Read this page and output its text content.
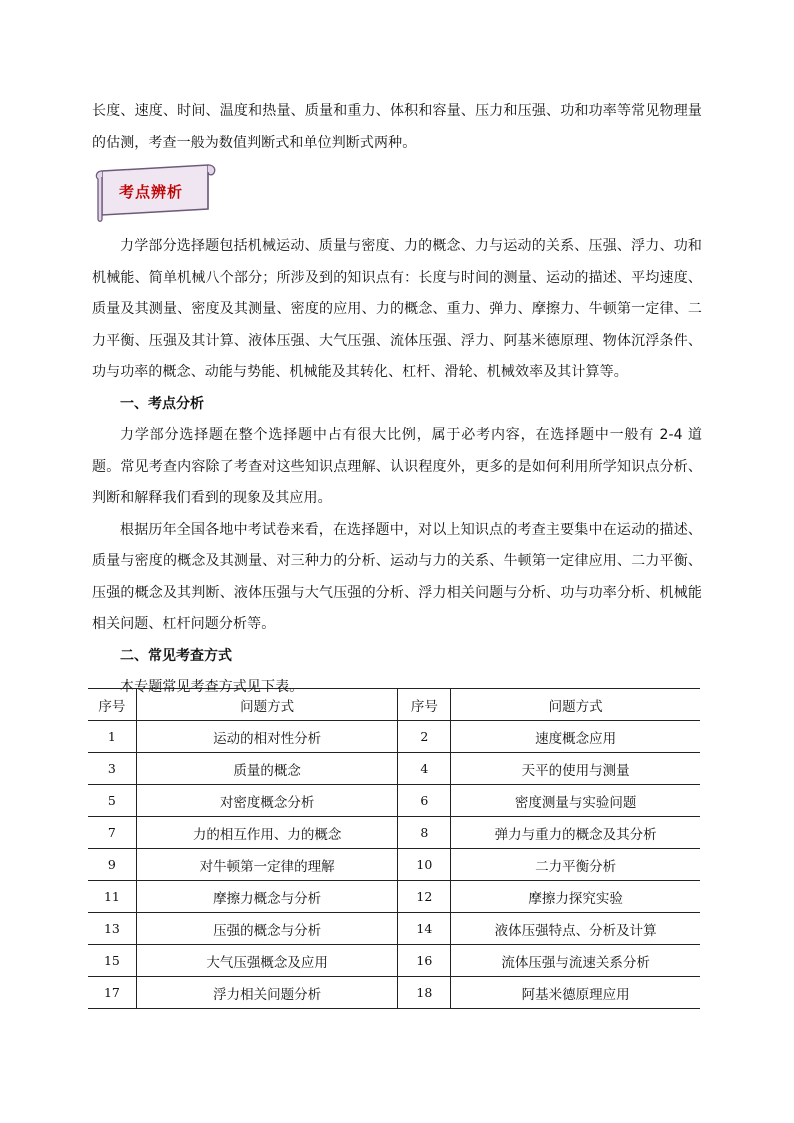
长度、速度、时间、温度和热量、质量和重力、体积和容量、压力和压强、功和功率等常见物理量的估测，考查一般为数值判断式和单位判断式两种。

考点辨析

力学部分选择题包括机械运动、质量与密度、力的概念、力与运动的关系、压强、浮力、功和机械能、简单机械八个部分；所涉及到的知识点有：长度与时间的测量、运动的描述、平均速度、质量及其测量、密度及其测量、密度的应用、力的概念、重力、弹力、摩擦力、牛顿第一定律、二力平衡、压强及其计算、液体压强、大气压强、流体压强、浮力、阿基米德原理、物体沉浮条件、功与功率的概念、动能与势能、机械能及其转化、杠杆、滑轮、机械效率及其计算等。

一、考点分析

力学部分选择题在整个选择题中占有很大比例，属于必考内容，在选择题中一般有 2-4 道题。常见考查内容除了考查对这些知识点理解、认识程度外，更多的是如何利用所学知识点分析、判断和解释我们看到的现象及其应用。

根据历年全国各地中考试卷来看，在选择题中，对以上知识点的考查主要集中在运动的描述、质量与密度的概念及其测量、对三种力的分析、运动与力的关系、牛顿第一定律应用、二力平衡、压强的概念及其判断、液体压强与大气压强的分析、浮力相关问题与分析、功与功率分析、机械能相关问题、杠杆问题分析等。

二、常见考查方式

本专题常见考查方式见下表。

序号	问题方式	序号	问题方式
1	运动的相对性分析	2	速度概念应用
3	质量的概念	4	天平的使用与测量
5	对密度概念分析	6	密度测量与实验问题
7	力的相互作用、力的概念	8	弹力与重力的概念及其分析
9	对牛顿第一定律的理解	10	二力平衡分析
11	摩擦力概念与分析	12	摩擦力探究实验
13	压强的概念与分析	14	液体压强特点、分析及计算
15	大气压强概念及应用	16	流体压强与流速关系分析
17	浮力相关问题分析	18	阿基米德原理应用
